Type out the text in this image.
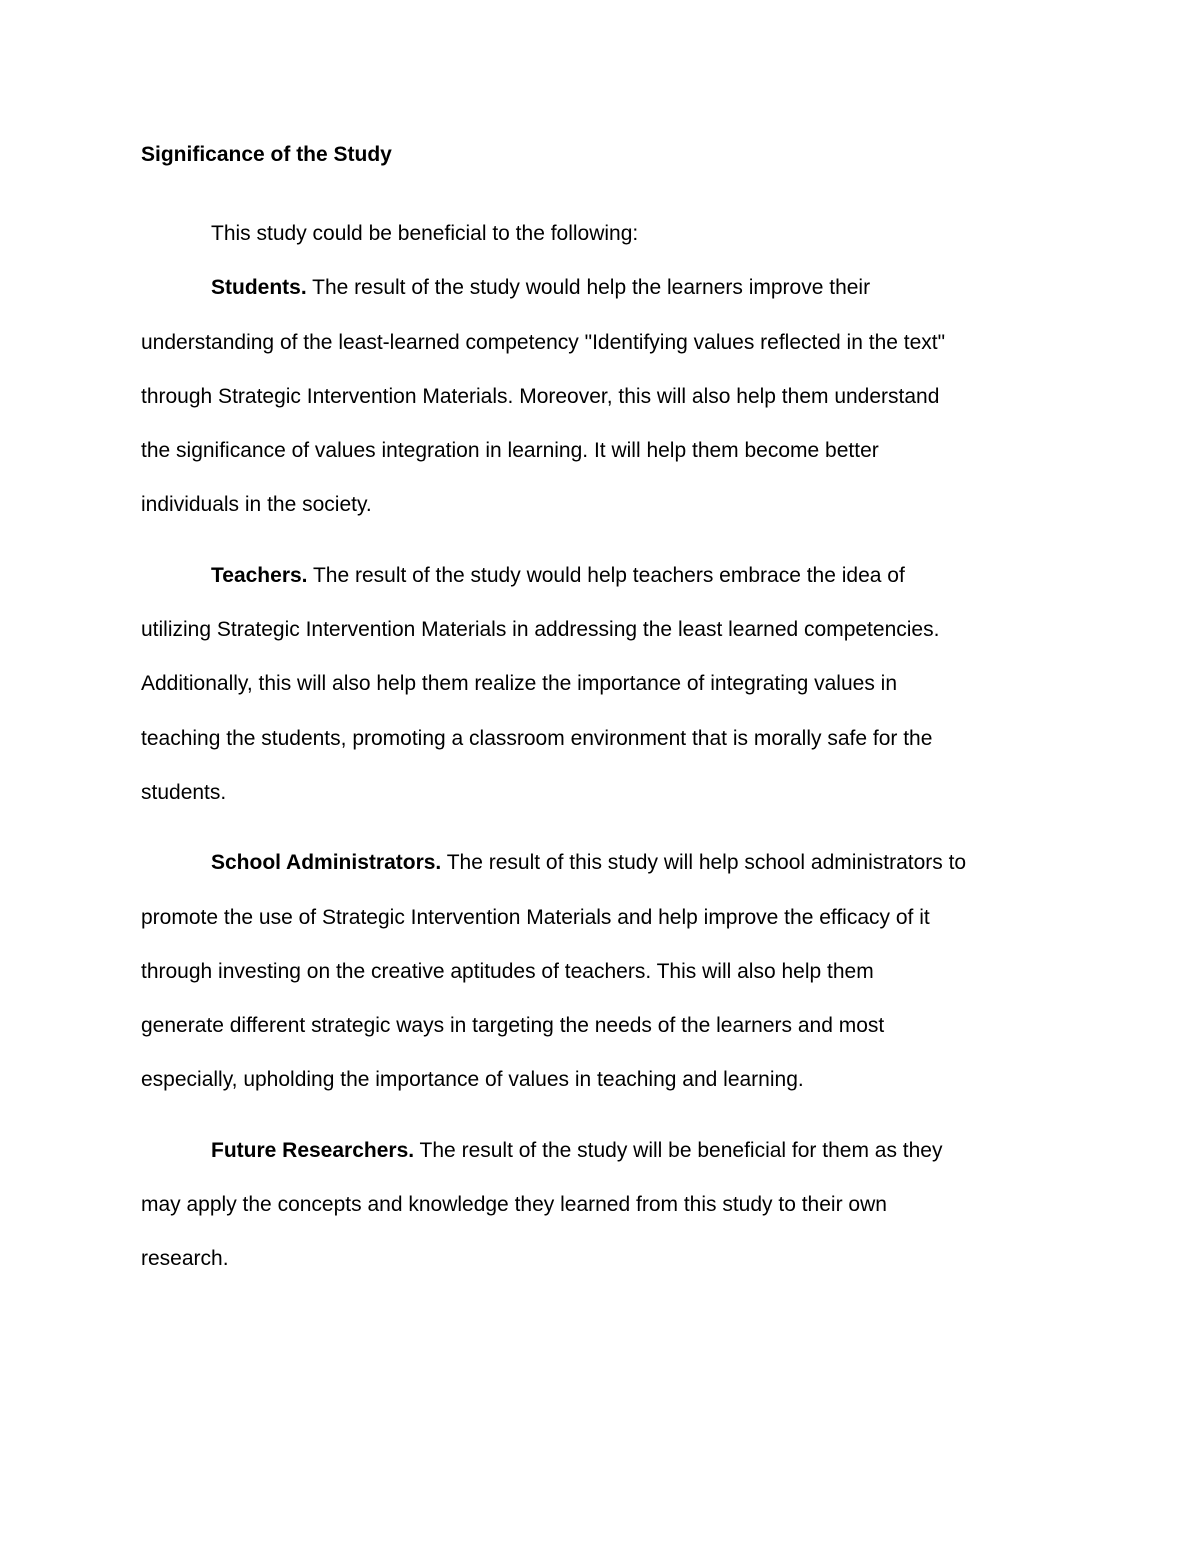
Significance of the Study

This study could be beneficial to the following:

Students. The result of the study would help the learners improve their
understanding of the least-learned competency "Identifying values reflected in the text"
through Strategic Intervention Materials. Moreover, this will also help them understand
the significance of values integration in learning. It will help them become better
individuals in the society.

Teachers. The result of the study would help teachers embrace the idea of
utilizing Strategic Intervention Materials in addressing the least learned competencies.
Additionally, this will also help them realize the importance of integrating values in
teaching the students, promoting a classroom environment that is morally safe for the
students.

School Administrators. The result of this study will help school administrators to
promote the use of Strategic Intervention Materials and help improve the efficacy of it
through investing on the creative aptitudes of teachers. This will also help them
generate different strategic ways in targeting the needs of the learners and most
especially, upholding the importance of values in teaching and learning.

Future Researchers. The result of the study will be beneficial for them as they
may apply the concepts and knowledge they learned from this study to their own
research.
